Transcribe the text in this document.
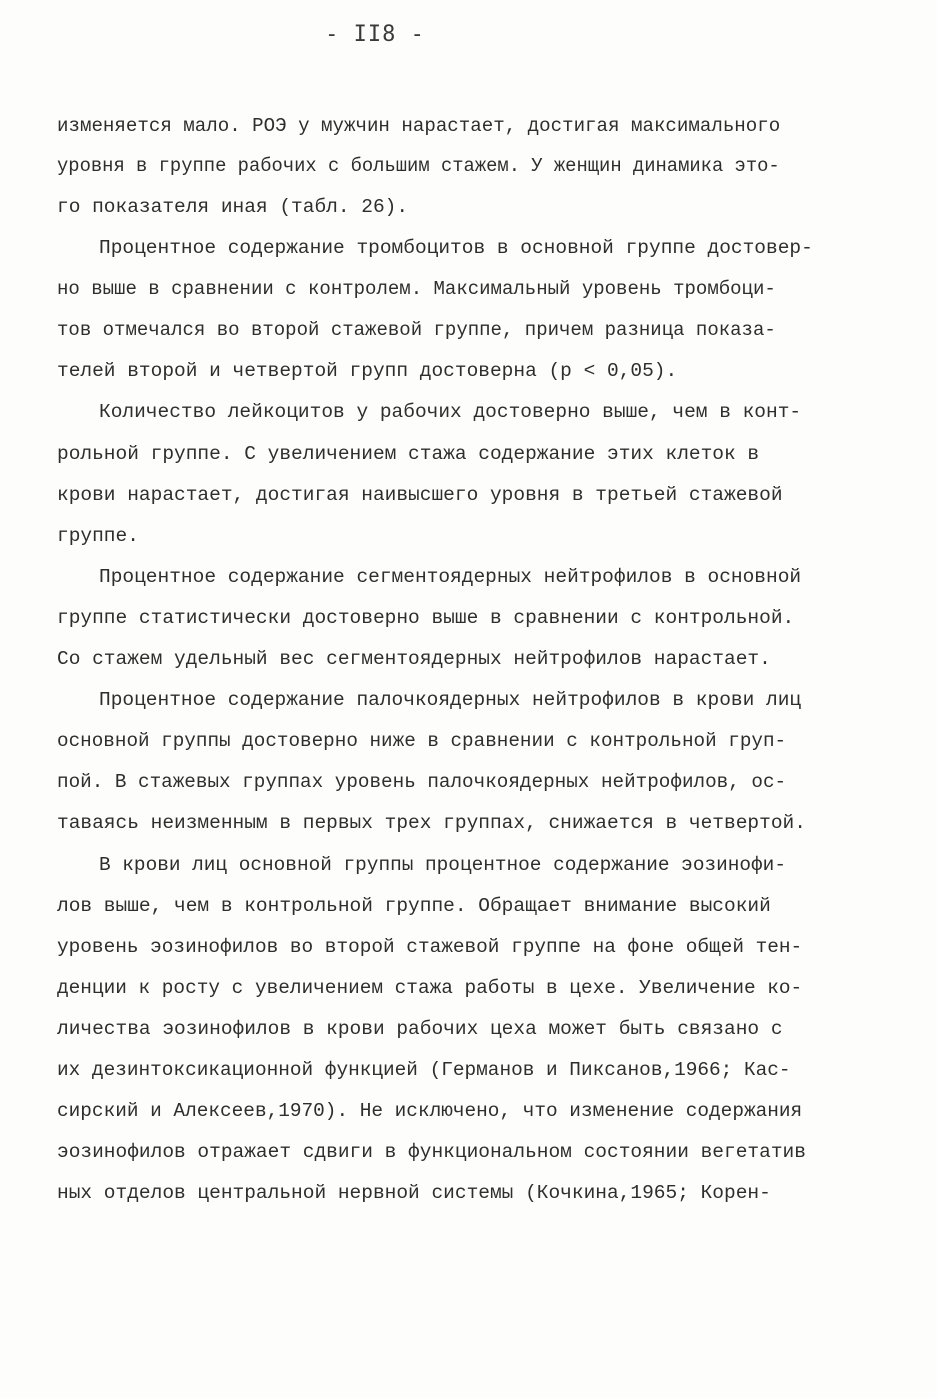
- II8 -
изменяется мало. РОЭ у мужчин нарастает, достигая максимального
уровня в группе рабочих с большим стажем. У женщин динамика это-
го показателя иная (табл. 26).
Процентное содержание тромбоцитов в основной группе достовер-
но выше в сравнении с контролем. Максимальный уровень тромбоци-
тов отмечался во второй стажевой группе, причем разница показа-
телей второй и четвертой групп достоверна (р < 0,05).
Количество лейкоцитов у рабочих достоверно выше, чем в конт-
рольной группе. С увеличением стажа содержание этих клеток в
крови нарастает, достигая наивысшего уровня в третьей стажевой
группе.
Процентное содержание сегментоядерных нейтрофилов в основной
группе статистически достоверно выше в сравнении с контрольной.
Со стажем удельный вес сегментоядерных нейтрофилов нарастает.
Процентное содержание палочкоядерных нейтрофилов в крови лиц
основной группы достоверно ниже в сравнении с контрольной груп-
пой. В стажевых группах уровень палочкоядерных нейтрофилов, ос-
таваясь неизменным в первых трех группах, снижается в четвертой.
В крови лиц основной группы процентное содержание эозинофи-
лов выше, чем в контрольной группе. Обращает внимание высокий
уровень эозинофилов во второй стажевой группе на фоне общей тен-
денции к росту с увеличением стажа работы в цехе. Увеличение ко-
личества эозинофилов в крови рабочих цеха может быть связано с
их дезинтоксикационной функцией (Германов и Пиксанов,1966; Кас-
сирский и Алексеев,1970). Не исключено, что изменение содержания
эозинофилов отражает сдвиги в функциональном состоянии вегетатив
ных отделов центральной нервной системы (Кочкина,1965; Корен-
